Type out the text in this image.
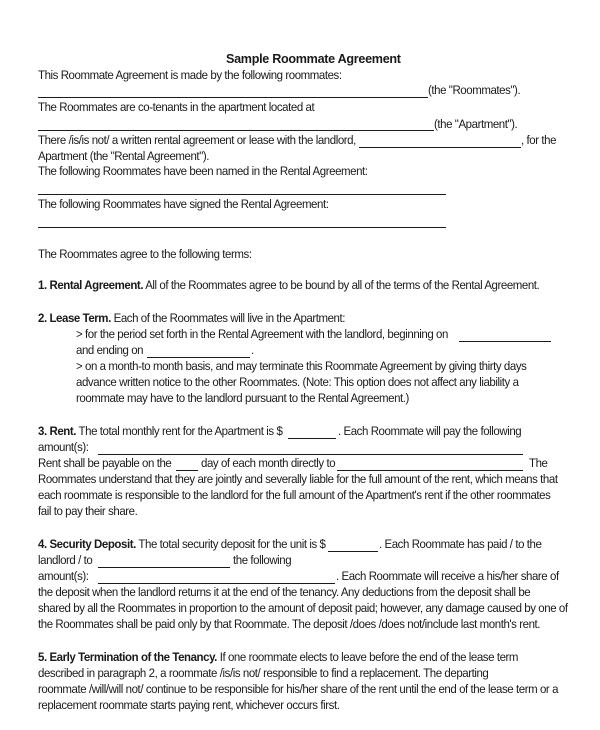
Sample Roommate Agreement
This Roommate Agreement is made by the following roommates:
(the "Roommates").
The Roommates are co-tenants in the apartment located at
(the "Apartment").
There /is/is not/ a written rental agreement or lease with the landlord,	, for the
Apartment (the "Rental Agreement").
The following Roommates have been named in the Rental Agreement:
The following Roommates have signed the Rental Agreement:
The Roommates agree to the following terms:
1. Rental Agreement. All of the Roommates agree to be bound by all of the terms of the Rental Agreement.
2. Lease Term. Each of the Roommates will live in the Apartment:
> for the period set forth in the Rental Agreement with the landlord, beginning on
and ending on	.
> on a month-to month basis, and may terminate this Roommate Agreement by giving thirty days
advance written notice to the other Roommates. (Note: This option does not affect any liability a
roommate may have to the landlord pursuant to the Rental Agreement.)
3. Rent. The total monthly rent for the Apartment is $	. Each Roommate will pay the following
amount(s):
Rent shall be payable on the day of each month directly to	The
Roommates understand that they are jointly and severally liable for the full amount of the rent, which means that
each roommate is responsible to the landlord for the full amount of the Apartment's rent if the other roommates
fail to pay their share.
4. Security Deposit. The total security deposit for the unit is $	. Each Roommate has paid / to the
landlord / to	the following
amount(s):	. Each Roommate will receive a his/her share of
the deposit when the landlord returns it at the end of the tenancy. Any deductions from the deposit shall be
shared by all the Roommates in proportion to the amount of deposit paid; however, any damage caused by one of
the Roommates shall be paid only by that Roommate. The deposit /does /does not/include last month's rent.
5. Early Termination of the Tenancy. If one roommate elects to leave before the end of the lease term
described in paragraph 2, a roommate /is/is not/ responsible to find a replacement. The departing
roommate /will/will not/ continue to be responsible for his/her share of the rent until the end of the lease term or a
replacement roommate starts paying rent, whichever occurs first.
